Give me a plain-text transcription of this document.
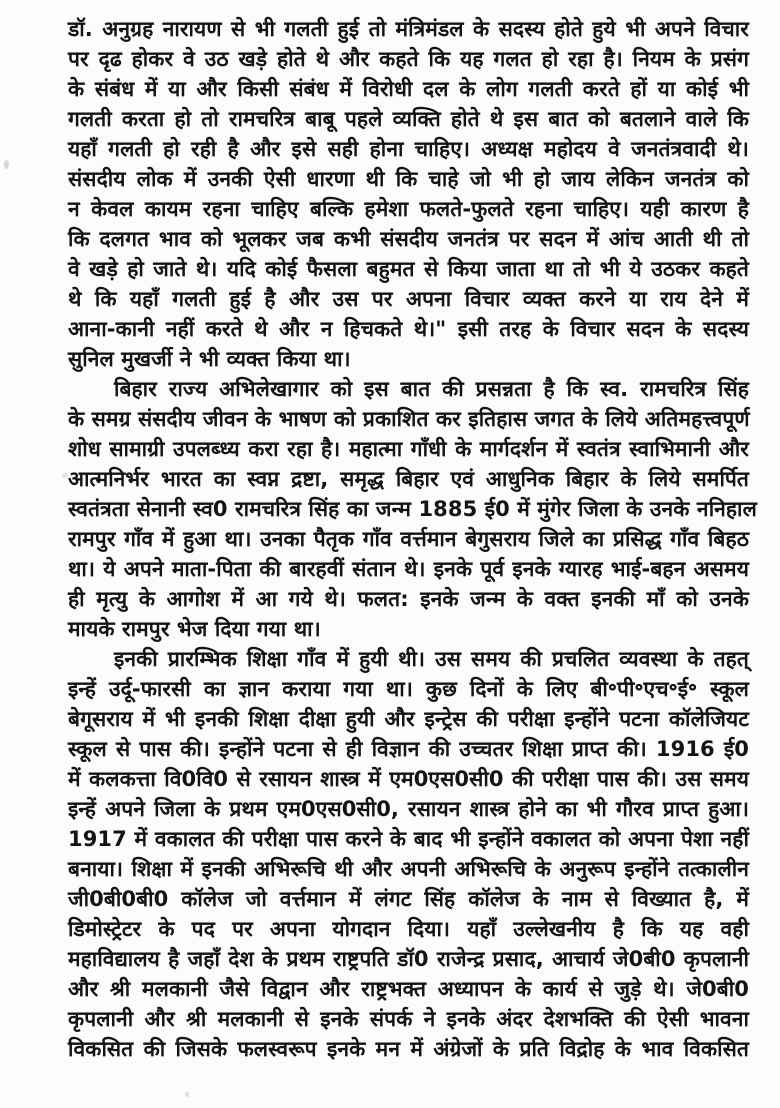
डॉ. अनुग्रह नारायण से भी गलती हुई तो मंत्रिमंडल के सदस्य होते हुये भी अपने विचार
पर दृढ होकर वे उठ खड़े होते थे और कहते कि यह गलत हो रहा है। नियम के प्रसंग
के संबंध में या और किसी संबंध में विरोधी दल के लोग गलती करते हों या कोई भी
गलती करता हो तो रामचरित्र बाबू पहले व्यक्ति होते थे इस बात को बतलाने वाले कि
यहाँ गलती हो रही है और इसे सही होना चाहिए। अध्यक्ष महोदय वे जनतंत्रवादी थे।
संसदीय लोक में उनकी ऐसी धारणा थी कि चाहे जो भी हो जाय लेकिन जनतंत्र को
न केवल कायम रहना चाहिए बल्कि हमेशा फलते-फुलते रहना चाहिए। यही कारण है
कि दलगत भाव को भूलकर जब कभी संसदीय जनतंत्र पर सदन में आंच आती थी तो
वे खड़े हो जाते थे। यदि कोई फैसला बहुमत से किया जाता था तो भी ये उठकर कहते
थे कि यहाँ गलती हुई है और उस पर अपना विचार व्यक्त करने या राय देने में
आना-कानी नहीं करते थे और न हिचकते थे।" इसी तरह के विचार सदन के सदस्य
सुनिल मुखर्जी ने भी व्यक्त किया था।
बिहार राज्य अभिलेखागार को इस बात की प्रसन्नता है कि स्व. रामचरित्र सिंह
के समग्र संसदीय जीवन के भाषण को प्रकाशित कर इतिहास जगत के लिये अतिमहत्त्वपूर्ण
शोध सामाग्री उपलब्ध्य करा रहा है। महात्मा गाँधी के मार्गदर्शन में स्वतंत्र स्वाभिमानी और
आत्मनिर्भर भारत का स्वप्न द्रष्टा, समृद्ध बिहार एवं आधुनिक बिहार के लिये समर्पित
स्वतंत्रता सेनानी स्व0 रामचरित्र सिंह का जन्म 1885 ई0 में मुंगेर जिला के उनके ननिहाल
रामपुर गाँव में हुआ था। उनका पैतृक गाँव वर्त्तमान बेगुसराय जिले का प्रसिद्ध गाँव बिहठ
था। ये अपने माता-पिता की बारहवीं संतान थे। इनके पूर्व इनके ग्यारह भाई-बहन असमय
ही मृत्यु के आगोश में आ गये थे। फलत: इनके जन्म के वक्त इनकी माँ को उनके
मायके रामपुर भेज दिया गया था।
इनकी प्रारम्भिक शिक्षा गाँव में हुयी थी। उस समय की प्रचलित व्यवस्था के तहत्
इन्हें उर्दू-फारसी का ज्ञान कराया गया था। कुछ दिनों के लिए बी॰पी॰एच॰ई॰ स्कूल
बेगूसराय में भी इनकी शिक्षा दीक्षा हुयी और इन्ट्रेस की परीक्षा इन्होंने पटना कॉलेजियट
स्कूल से पास की। इन्होंने पटना से ही विज्ञान की उच्चतर शिक्षा प्राप्त की। 1916 ई0
में कलकत्ता वि0वि0 से रसायन शास्त्र में एम0एस0सी0 की परीक्षा पास की। उस समय
इन्हें अपने जिला के प्रथम एम0एस0सी0, रसायन शास्त्र होने का भी गौरव प्राप्त हुआ।
1917 में वकालत की परीक्षा पास करने के बाद भी इन्होंने वकालत को अपना पेशा नहीं
बनाया। शिक्षा में इनकी अभिरूचि थी और अपनी अभिरूचि के अनुरूप इन्होंने तत्कालीन
जी0बी0बी0 कॉलेज जो वर्त्तमान में लंगट सिंह कॉलेज के नाम से विख्यात है, में
डिमोस्ट्रेटर के पद पर अपना योगदान दिया। यहाँ उल्लेखनीय है कि यह वही
महाविद्यालय है जहाँ देश के प्रथम राष्ट्रपति डॉ0 राजेन्द्र प्रसाद, आचार्य जे0बी0 कृपलानी
और श्री मलकानी जैसे विद्वान और राष्ट्रभक्त अध्यापन के कार्य से जुड़े थे। जे0बी0
कृपलानी और श्री मलकानी से इनके संपर्क ने इनके अंदर देशभक्ति की ऐसी भावना
विकसित की जिसके फलस्वरूप इनके मन में अंग्रेजों के प्रति विद्रोह के भाव विकसित
